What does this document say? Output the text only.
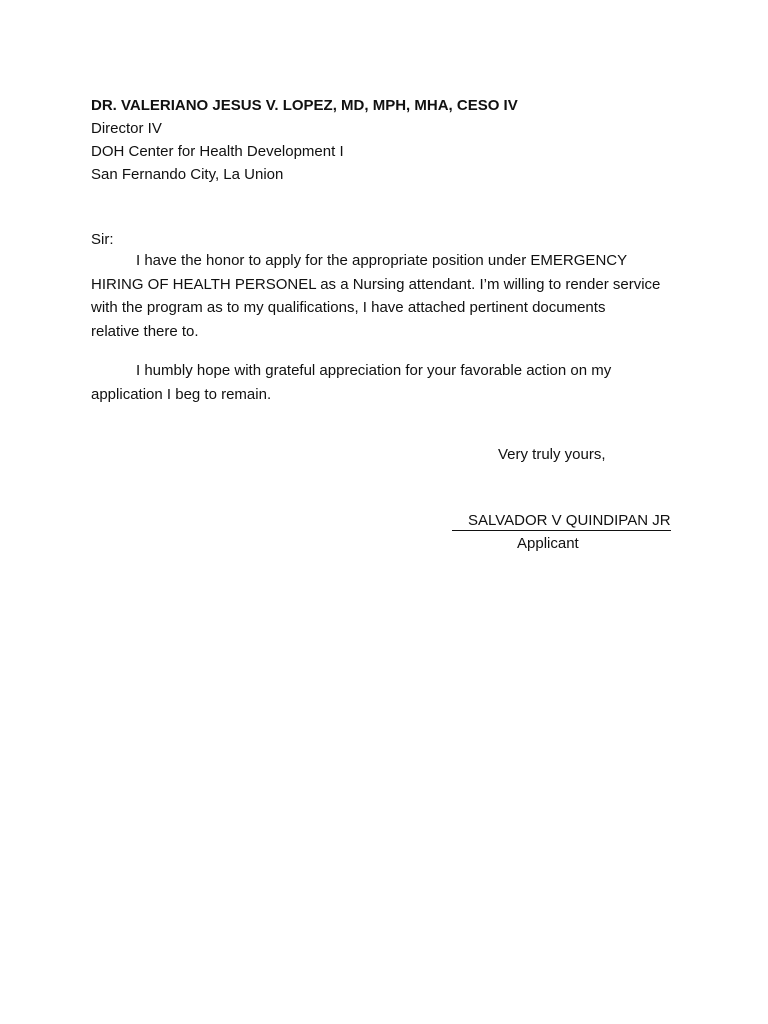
DR. VALERIANO JESUS V. LOPEZ, MD, MPH, MHA, CESO IV
Director IV
DOH Center for Health Development I
San Fernando City, La Union
Sir:

I have the honor to apply for the appropriate position under EMERGENCY
HIRING OF HEALTH PERSONEL as a Nursing attendant. I’m willing to render service
with the program as to my qualifications, I have attached pertinent documents
relative there to.

I humbly hope with grateful appreciation for your favorable action on my
application I beg to remain.

Very truly yours,
SALVADOR V QUINDIPAN JR
Applicant
